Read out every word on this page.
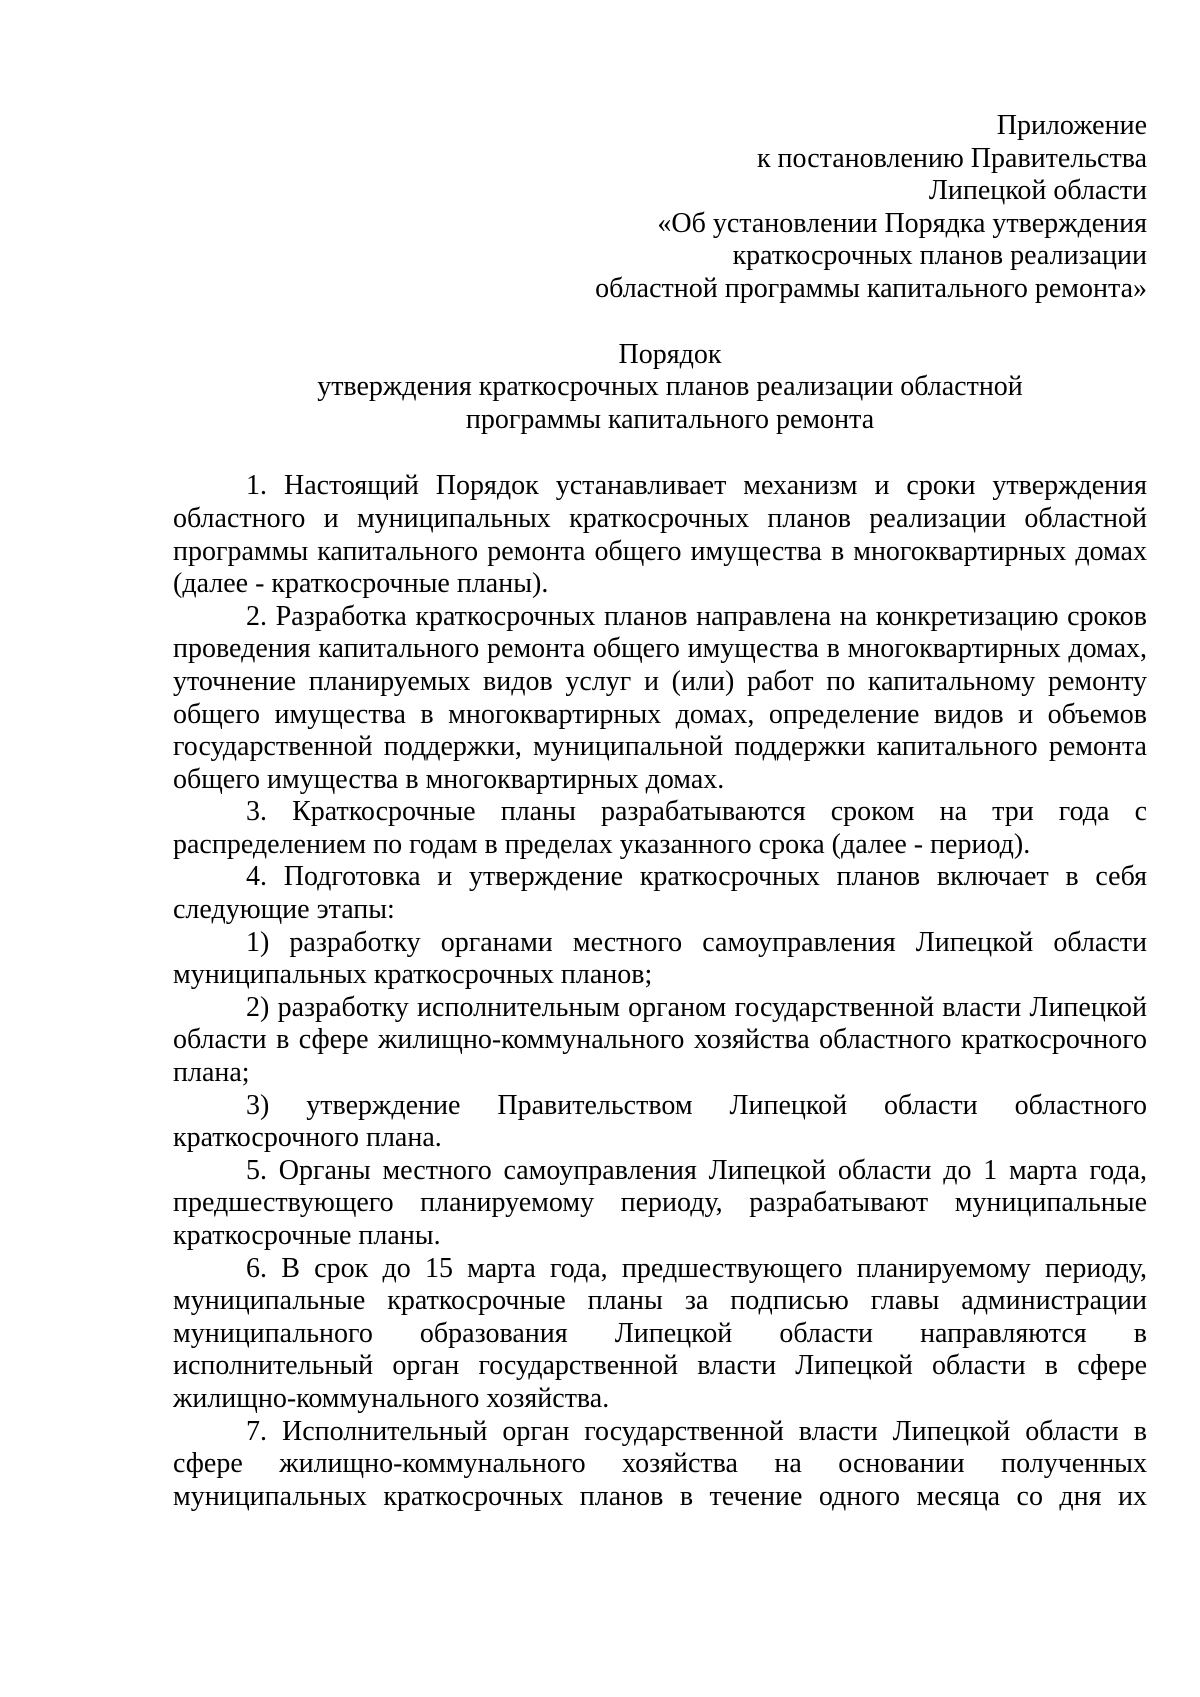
Приложение
к постановлению Правительства
Липецкой области
«Об установлении Порядка утверждения
краткосрочных планов реализации
областной программы капитального ремонта»
Порядок
утверждения краткосрочных планов реализации областной
программы капитального ремонта

1. Настоящий Порядок устанавливает механизм и сроки утверждения областного и муниципальных краткосрочных планов реализации областной программы капитального ремонта общего имущества в многоквартирных домах (далее - краткосрочные планы).

2. Разработка краткосрочных планов направлена на конкретизацию сроков проведения капитального ремонта общего имущества в многоквартирных домах, уточнение планируемых видов услуг и (или) работ по капитальному ремонту общего имущества в многоквартирных домах, определение видов и объемов государственной поддержки, муниципальной поддержки капитального ремонта общего имущества в многоквартирных домах.

3. Краткосрочные планы разрабатываются сроком на три года с распределением по годам в пределах указанного срока (далее - период).

4. Подготовка и утверждение краткосрочных планов включает в себя следующие этапы:

1) разработку органами местного самоуправления Липецкой области муниципальных краткосрочных планов;

2) разработку исполнительным органом государственной власти Липецкой области в сфере жилищно-коммунального хозяйства областного краткосрочного плана;

3) утверждение Правительством Липецкой области областного краткосрочного плана.

5. Органы местного самоуправления Липецкой области до 1 марта года, предшествующего планируемому периоду, разрабатывают муниципальные краткосрочные планы.

6. В срок до 15 марта года, предшествующего планируемому периоду, муниципальные краткосрочные планы за подписью главы администрации муниципального образования Липецкой области направляются в исполнительный орган государственной власти Липецкой области в сфере жилищно-коммунального хозяйства.

7. Исполнительный орган государственной власти Липецкой области в сфере жилищно-коммунального хозяйства на основании полученных муниципальных краткосрочных планов в течение одного месяца со дня их
